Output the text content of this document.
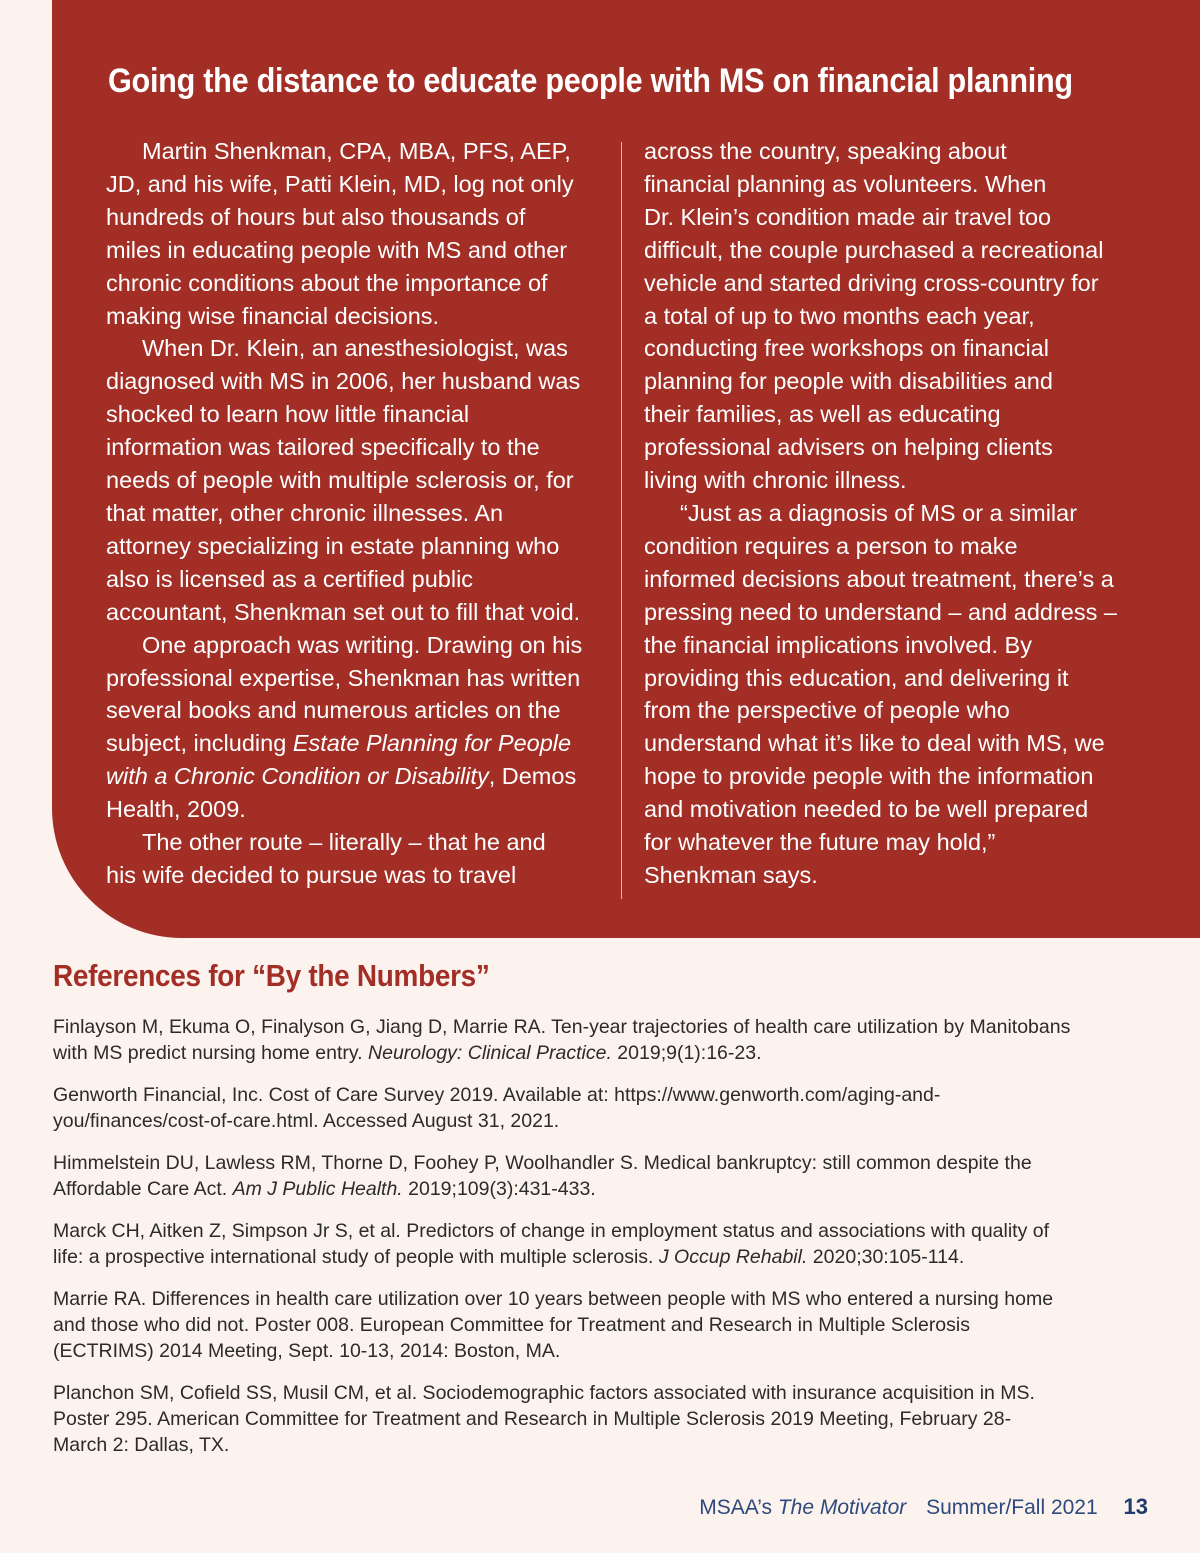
Going the distance to educate people with MS on financial planning
Martin Shenkman, CPA, MBA, PFS, AEP,
JD, and his wife, Patti Klein, MD, log not only
hundreds of hours but also thousands of
miles in educating people with MS and other
chronic conditions about the importance of
making wise financial decisions.
When Dr. Klein, an anesthesiologist, was
diagnosed with MS in 2006, her husband was
shocked to learn how little financial
information was tailored specifically to the
needs of people with multiple sclerosis or, for
that matter, other chronic illnesses. An
attorney specializing in estate planning who
also is licensed as a certified public
accountant, Shenkman set out to fill that void.
One approach was writing. Drawing on his
professional expertise, Shenkman has written
several books and numerous articles on the
subject, including Estate Planning for People
with a Chronic Condition or Disability, Demos
Health, 2009.
The other route – literally – that he and
his wife decided to pursue was to travel
across the country, speaking about
financial planning as volunteers. When
Dr. Klein’s condition made air travel too
difficult, the couple purchased a recreational
vehicle and started driving cross-country for
a total of up to two months each year,
conducting free workshops on financial
planning for people with disabilities and
their families, as well as educating
professional advisers on helping clients
living with chronic illness.
“Just as a diagnosis of MS or a similar
condition requires a person to make
informed decisions about treatment, there’s a
pressing need to understand – and address –
the financial implications involved. By
providing this education, and delivering it
from the perspective of people who
understand what it’s like to deal with MS, we
hope to provide people with the information
and motivation needed to be well prepared
for whatever the future may hold,”
Shenkman says.
References for “By the Numbers”
Finlayson M, Ekuma O, Finalyson G, Jiang D, Marrie RA. Ten-year trajectories of health care utilization by Manitobans
with MS predict nursing home entry. Neurology: Clinical Practice. 2019;9(1):16-23.
Genworth Financial, Inc. Cost of Care Survey 2019. Available at: https://www.genworth.com/aging-and-
you/finances/cost-of-care.html. Accessed August 31, 2021.
Himmelstein DU, Lawless RM, Thorne D, Foohey P, Woolhandler S. Medical bankruptcy: still common despite the
Affordable Care Act. Am J Public Health. 2019;109(3):431-433.
Marck CH, Aitken Z, Simpson Jr S, et al. Predictors of change in employment status and associations with quality of
life: a prospective international study of people with multiple sclerosis. J Occup Rehabil. 2020;30:105-114.
Marrie RA. Differences in health care utilization over 10 years between people with MS who entered a nursing home
and those who did not. Poster 008. European Committee for Treatment and Research in Multiple Sclerosis
(ECTRIMS) 2014 Meeting, Sept. 10-13, 2014: Boston, MA.
Planchon SM, Cofield SS, Musil CM, et al. Sociodemographic factors associated with insurance acquisition in MS.
Poster 295. American Committee for Treatment and Research in Multiple Sclerosis 2019 Meeting, February 28-
March 2: Dallas, TX.
MSAA’s The Motivator Summer/Fall 2021 13
